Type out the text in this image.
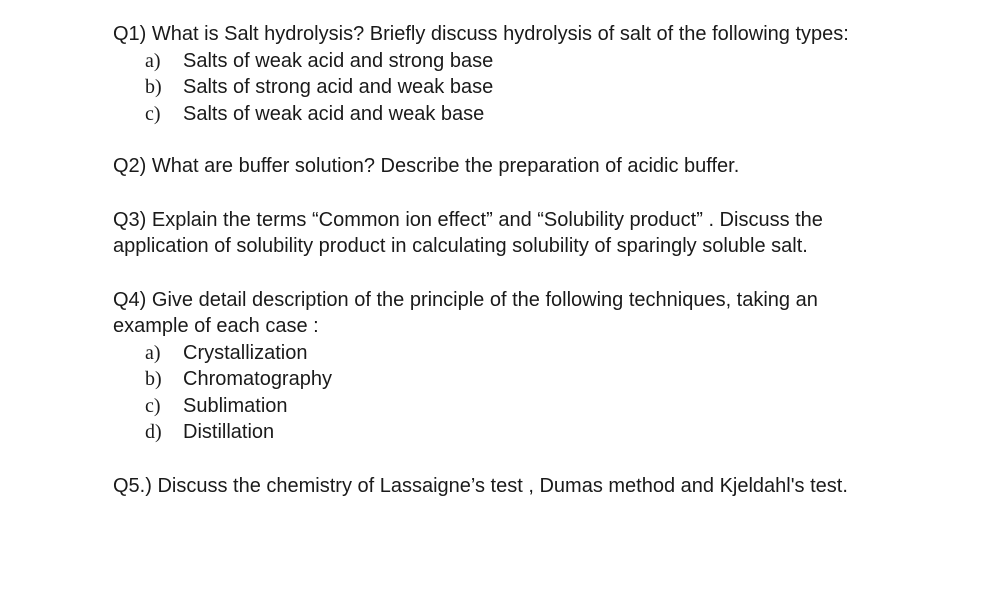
Q1) What is Salt hydrolysis? Briefly discuss hydrolysis of salt of the following types:
a)	Salts of weak acid and strong base
b)	Salts of strong acid and weak base
c)	Salts of weak acid and weak base
Q2) What are buffer solution? Describe the preparation of acidic buffer.
Q3) Explain the terms “Common ion effect” and “Solubility product” . Discuss the application of solubility product in calculating solubility of sparingly soluble salt.
Q4) Give detail description of the principle of the following techniques, taking an example of each case :
a)	Crystallization
b)	Chromatography
c)	Sublimation
d)	Distillation
Q5.) Discuss the chemistry of Lassaigne’s test , Dumas method and Kjeldahl's test.
